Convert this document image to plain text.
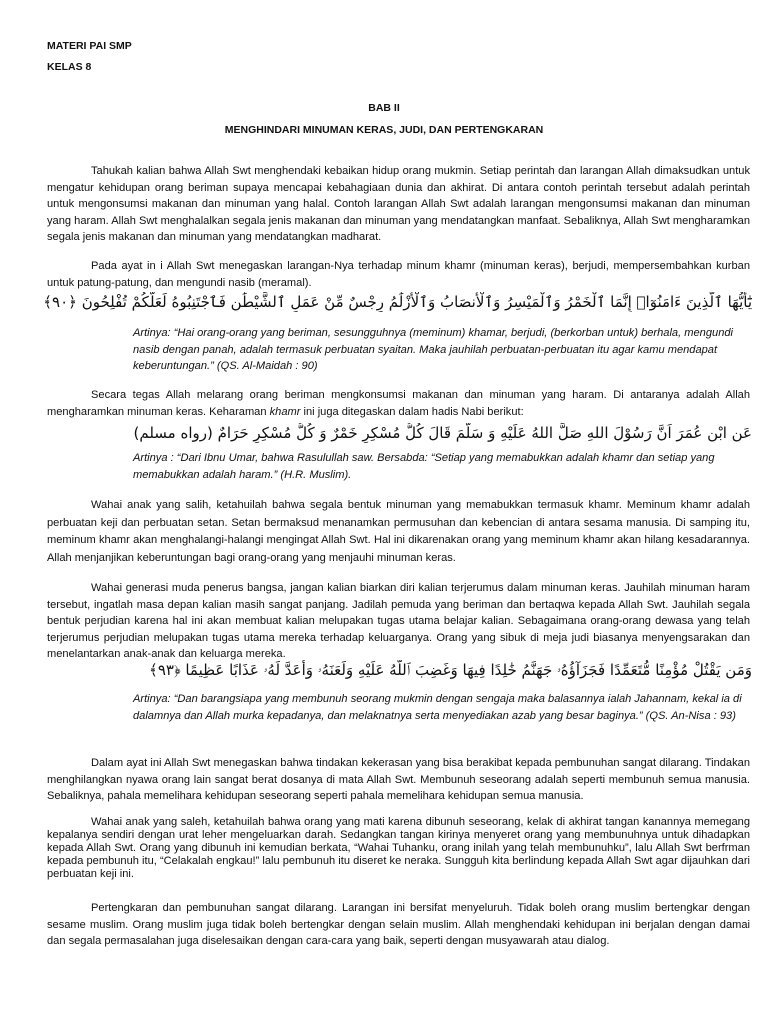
MATERI PAI SMP
KELAS 8
BAB II
MENGHINDARI MINUMAN KERAS, JUDI, DAN PERTENGKARAN
Tahukah kalian bahwa Allah Swt menghendaki kebaikan hidup orang mukmin. Setiap perintah dan larangan Allah dimaksudkan untuk mengatur kehidupan orang beriman supaya mencapai kebahagiaan dunia dan akhirat. Di antara contoh perintah tersebut adalah perintah untuk mengonsumsi makanan dan minuman yang halal. Contoh larangan Allah Swt adalah larangan mengonsumsi makanan dan minuman yang haram. Allah Swt menghalalkan segala jenis makanan dan minuman yang mendatangkan manfaat. Sebaliknya, Allah Swt mengharamkan segala jenis makanan dan minuman yang mendatangkan madharat.
Pada ayat in i Allah Swt menegaskan larangan-Nya terhadap minum khamr (minuman keras), berjudi, mempersembahkan kurban untuk patung-patung, dan mengundi nasib (meramal).
يَٰٓأَيُّهَا ٱلَّذِينَ ءَامَنُوٓا۟ إِنَّمَا ٱلْخَمْرُ وَٱلْمَيْسِرُ وَٱلْأَنصَابُ وَٱلْأَزْلَٰمُ رِجْسٌ مِّنْ عَمَلِ ٱلشَّيْطَٰنِ فَٱجْتَنِبُوهُ لَعَلَّكُمْ تُفْلِحُونَ ﴿٩٠﴾
Artinya: “Hai orang-orang yang beriman, sesungguhnya (meminum) khamar, berjudi, (berkorban untuk) berhala, mengundi nasib dengan panah, adalah termasuk perbuatan syaitan. Maka jauhilah perbuatan-perbuatan itu agar kamu mendapat keberuntungan.” (QS. Al-Maidah : 90)
Secara tegas Allah melarang orang beriman mengkonsumsi makanan dan minuman yang haram. Di antaranya adalah Allah mengharamkan minuman keras. Keharaman khamr ini juga ditegaskan dalam hadis Nabi berikut:
عَنِ ابْنِ عُمَرَ اَنَّ رَسُوْلَ اللهِ صَلَّ اللهُ عَلَيْهِ وَ سَلَّمَ قَالَ كُلُّ مُسْكِرٍ خَمْرٌ وَ كُلُّ مُسْكِرٍ حَرَامٌ (رواه مسلم)
Artinya : “Dari Ibnu Umar, bahwa Rasulullah saw. Bersabda: “Setiap yang memabukkan adalah khamr dan setiap yang memabukkan adalah haram.” (H.R. Muslim).
Wahai anak yang salih, ketahuilah bahwa segala bentuk minuman yang memabukkan termasuk khamr. Meminum khamr adalah perbuatan keji dan perbuatan setan. Setan bermaksud menanamkan permusuhan dan kebencian di antara sesama manusia. Di samping itu, meminum khamr akan menghalangi-halangi mengingat Allah Swt. Hal ini dikarenakan orang yang meminum khamr akan hilang kesadarannya. Allah menjanjikan keberuntungan bagi orang-orang yang menjauhi minuman keras.
Wahai generasi muda penerus bangsa, jangan kalian biarkan diri kalian terjerumus dalam minuman keras. Jauhilah minuman haram tersebut, ingatlah masa depan kalian masih sangat panjang. Jadilah pemuda yang beriman dan bertaqwa kepada Allah Swt. Jauhilah segala bentuk perjudian karena hal ini akan membuat kalian melupakan tugas utama belajar kalian. Sebagaimana orang-orang dewasa yang telah terjerumus perjudian melupakan tugas utama mereka terhadap keluarganya. Orang yang sibuk di meja judi biasanya menyengsarakan dan menelantarkan anak-anak dan keluarga mereka.
وَمَن يَقْتُلْ مُؤْمِنًا مُّتَعَمِّدًا فَجَزَآؤُهُۥ جَهَنَّمُ خَٰلِدًا فِيهَا وَغَضِبَ ٱللَّهُ عَلَيْهِ وَلَعَنَهُۥ وَأَعَدَّ لَهُۥ عَذَابًا عَظِيمًا ﴿٩٣﴾
Artinya: “Dan barangsiapa yang membunuh seorang mukmin dengan sengaja maka balasannya ialah Jahannam, kekal ia di dalamnya dan Allah murka kepadanya, dan melaknatnya serta menyediakan azab yang besar baginya.” (QS. An-Nisa : 93)
Dalam ayat ini Allah Swt menegaskan bahwa tindakan kekerasan yang bisa berakibat kepada pembunuhan sangat dilarang. Tindakan menghilangkan nyawa orang lain sangat berat dosanya di mata Allah Swt. Membunuh seseorang adalah seperti membunuh semua manusia. Sebaliknya, pahala memelihara kehidupan seseorang seperti pahala memelihara kehidupan semua manusia.
Wahai anak yang saleh, ketahuilah bahwa orang yang mati karena dibunuh seseorang, kelak di akhirat tangan kanannya memegang kepalanya sendiri dengan urat leher mengeluarkan darah. Sedangkan tangan kirinya menyeret orang yang membunuhnya untuk dihadapkan kepada Allah Swt. Orang yang dibunuh ini kemudian berkata, “Wahai Tuhanku, orang inilah yang telah membunuhku”, lalu Allah Swt berfrman kepada pembunuh itu, “Celakalah engkau!” lalu pembunuh itu diseret ke neraka. Sungguh kita berlindung kepada Allah Swt agar dijauhkan dari perbuatan keji ini.
Pertengkaran dan pembunuhan sangat dilarang. Larangan ini bersifat menyeluruh. Tidak boleh orang muslim bertengkar dengan sesame muslim. Orang muslim juga tidak boleh bertengkar dengan selain muslim. Allah menghendaki kehidupan ini berjalan dengan damai dan segala permasalahan juga diselesaikan dengan cara-cara yang baik, seperti dengan musyawarah atau dialog.
